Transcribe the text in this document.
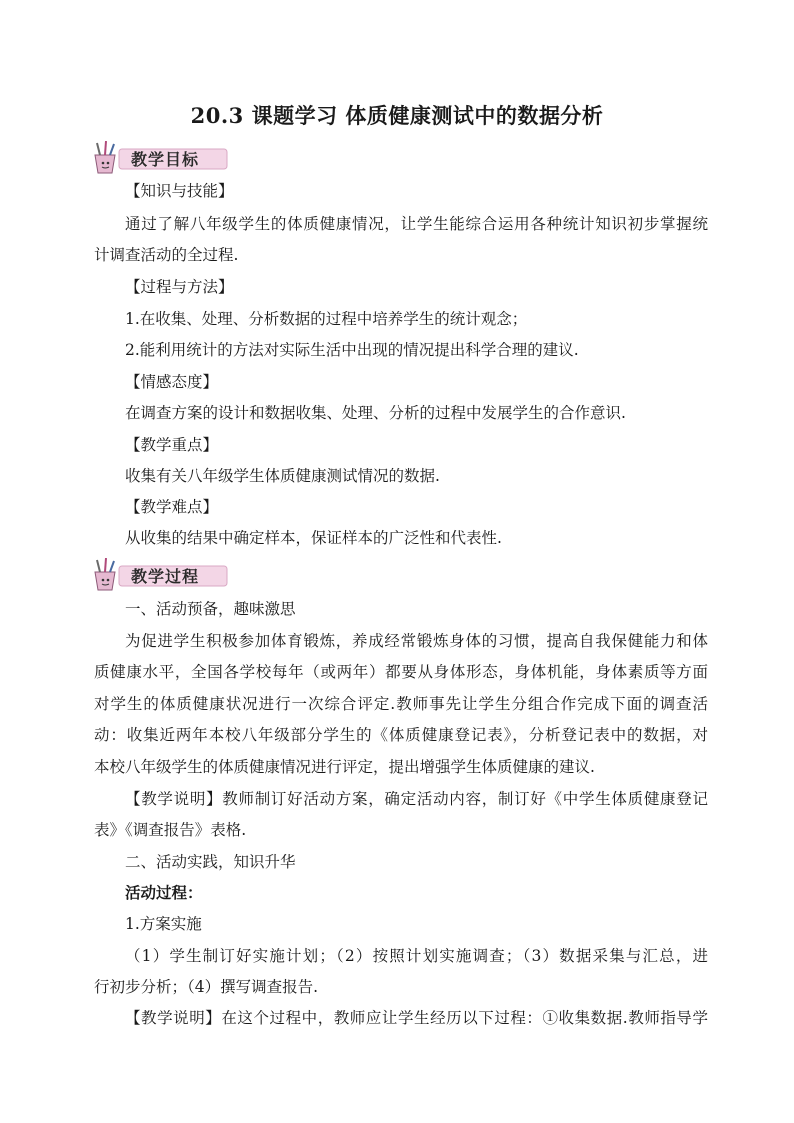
20.3 课题学习 体质健康测试中的数据分析
教学目标
【知识与技能】
通过了解八年级学生的体质健康情况，让学生能综合运用各种统计知识初步掌握统
计调查活动的全过程.
【过程与方法】
1.在收集、处理、分析数据的过程中培养学生的统计观念；
2.能利用统计的方法对实际生活中出现的情况提出科学合理的建议.
【情感态度】
在调查方案的设计和数据收集、处理、分析的过程中发展学生的合作意识.
【教学重点】
收集有关八年级学生体质健康测试情况的数据.
【教学难点】
从收集的结果中确定样本，保证样本的广泛性和代表性.
教学过程
一、活动预备，趣味激思
为促进学生积极参加体育锻炼，养成经常锻炼身体的习惯，提高自我保健能力和体
质健康水平，全国各学校每年（或两年）都要从身体形态，身体机能，身体素质等方面
对学生的体质健康状况进行一次综合评定.教师事先让学生分组合作完成下面的调查活
动：收集近两年本校八年级部分学生的《体质健康登记表》，分析登记表中的数据，对
本校八年级学生的体质健康情况进行评定，提出增强学生体质健康的建议.
【教学说明】教师制订好活动方案，确定活动内容，制订好《中学生体质健康登记
表》《调查报告》表格.
二、活动实践，知识升华
活动过程：
1.方案实施
（1）学生制订好实施计划；（2）按照计划实施调查；（3）数据采集与汇总，进
行初步分析；（4）撰写调查报告.
【教学说明】在这个过程中，教师应让学生经历以下过程：①收集数据.教师指导学
